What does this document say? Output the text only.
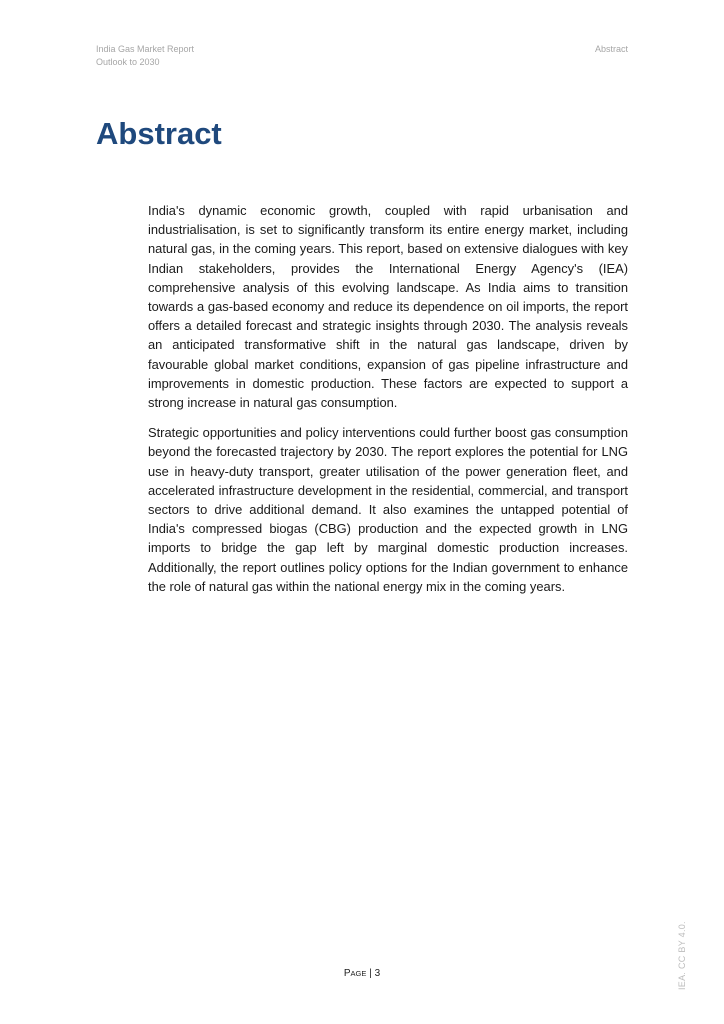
India Gas Market Report
Outlook to 2030
Abstract
Abstract

India's dynamic economic growth, coupled with rapid urbanisation and industrialisation, is set to significantly transform its entire energy market, including natural gas, in the coming years. This report, based on extensive dialogues with key Indian stakeholders, provides the International Energy Agency's (IEA) comprehensive analysis of this evolving landscape. As India aims to transition towards a gas-based economy and reduce its dependence on oil imports, the report offers a detailed forecast and strategic insights through 2030. The analysis reveals an anticipated transformative shift in the natural gas landscape, driven by favourable global market conditions, expansion of gas pipeline infrastructure and improvements in domestic production. These factors are expected to support a strong increase in natural gas consumption.

Strategic opportunities and policy interventions could further boost gas consumption beyond the forecasted trajectory by 2030. The report explores the potential for LNG use in heavy-duty transport, greater utilisation of the power generation fleet, and accelerated infrastructure development in the residential, commercial, and transport sectors to drive additional demand. It also examines the untapped potential of India's compressed biogas (CBG) production and the expected growth in LNG imports to bridge the gap left by marginal domestic production increases. Additionally, the report outlines policy options for the Indian government to enhance the role of natural gas within the national energy mix in the coming years.

PAGE | 3	IEA. CC BY 4.0.
